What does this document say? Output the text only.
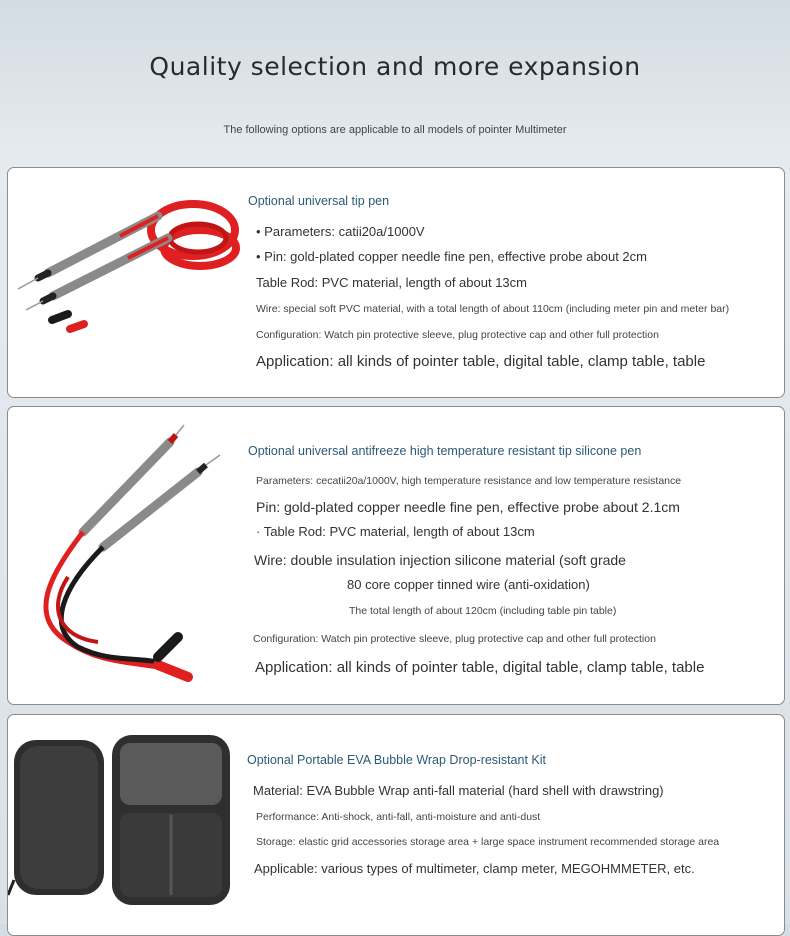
Quality selection and more expansion
The following options are applicable to all models of pointer Multimeter
Optional universal tip pen
• Parameters: catii20a/1000V
• Pin: gold-plated copper needle fine pen, effective probe about 2cm
Table Rod: PVC material, length of about 13cm
Wire: special soft PVC material, with a total length of about 110cm (including meter pin and meter bar)
Configuration: Watch pin protective sleeve, plug protective cap and other full protection
Application: all kinds of pointer table, digital table, clamp table, table
Optional universal antifreeze high temperature resistant tip silicone pen
Parameters: cecatii20a/1000V, high temperature resistance and low temperature resistance
Pin: gold-plated copper needle fine pen, effective probe about 2.1cm
· Table Rod: PVC material, length of about 13cm
Wire: double insulation injection silicone material (soft grade
80 core copper tinned wire (anti-oxidation)
The total length of about 120cm (including table pin table)
Configuration: Watch pin protective sleeve, plug protective cap and other full protection
Application: all kinds of pointer table, digital table, clamp table, table
Optional Portable EVA Bubble Wrap Drop-resistant Kit
Material: EVA Bubble Wrap anti-fall material (hard shell with drawstring)
Performance: Anti-shock, anti-fall, anti-moisture and anti-dust
Storage: elastic grid accessories storage area + large space instrument recommended storage area
Applicable: various types of multimeter, clamp meter, MEGOHMMETER, etc.
